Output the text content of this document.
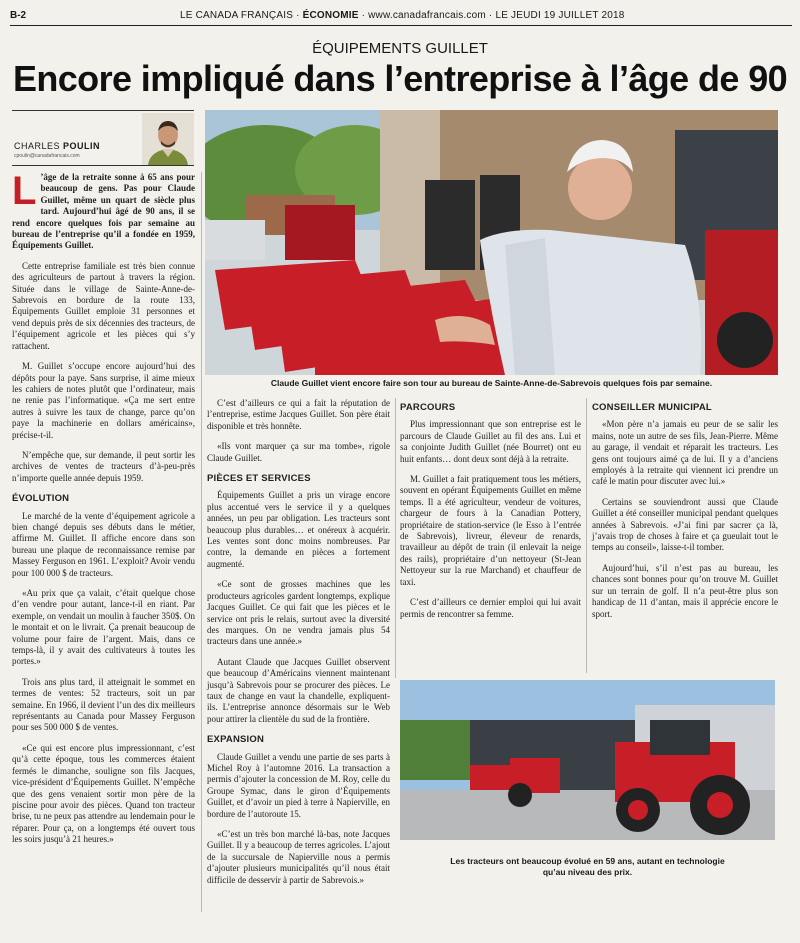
B-2	LE CANADA FRANÇAIS · ÉCONOMIE · www.canadafrancais.com · LE JEUDI 19 JUILLET 2018
ÉQUIPEMENTS GUILLET
Encore impliqué dans l’entreprise à l’âge de 90
CHARLES POULIN
cpoulin@canadafrancais.com
Claude Guillet vient encore faire son tour au bureau de Sainte-Anne-de-Sabrevois quelques fois par semaine.

L ’âge de la retraite sonne à 65 ans pour beaucoup de gens. Pas pour Claude Guillet, même un quart de siècle plus tard. Aujourd’hui âgé de 90 ans, il se rend encore quelques fois par semaine au bureau de l’entreprise qu’il a fondée en 1959, Équipements Guillet.

Cette entreprise familiale est très bien connue des agriculteurs de partout à travers la région. Située dans le village de Sainte-Anne-de-Sabrevois en bordure de la route 133, Équipements Guillet emploie 31 personnes et vend depuis près de six décennies des tracteurs, de l’équipement agricole et les pièces qui s’y rattachent.

M. Guillet s’occupe encore aujourd’hui des dépôts pour la paye. Sans surprise, il aime mieux les cahiers de notes plutôt que l’ordinateur, mais ne renie pas l’informatique. «Ça me sert entre autres à suivre les taux de change, parce qu’on paye la machinerie en dollars américains», précise-t-il.

N’empêche que, sur demande, il peut sortir les archives de ventes de tracteurs d’à-peu-près n’importe quelle année depuis 1959.

ÉVOLUTION

Le marché de la vente d’équipement agricole a bien changé depuis ses débuts dans le métier, affirme M. Guillet. Il affiche encore dans son bureau une plaque de reconnaissance remise par Massey Ferguson en 1961. L’exploit? Avoir vendu pour 100 000 $ de tracteurs.

«Au prix que ça valait, c’était quelque chose d’en vendre pour autant, lance-t-il en riant. Par exemple, on vendait un moulin à faucher 350$. On le montait et on le livrait. Ça prenait beaucoup de volume pour faire de l’argent. Mais, dans ce temps-là, il y avait des cultivateurs à toutes les portes.»

Trois ans plus tard, il atteignait le sommet en termes de ventes: 52 tracteurs, soit un par semaine. En 1966, il devient l’un des dix meilleurs représentants au Canada pour Massey Ferguson pour ses 500 000 $ de ventes.

«Ce qui est encore plus impressionnant, c’est qu’à cette époque, tous les commerces étaient fermés le dimanche, souligne son fils Jacques, vice-président d’Équipements Guillet. N’empêche que des gens venaient sortir mon père de la piscine pour avoir des pièces. Quand ton tracteur brise, tu ne peux pas attendre au lendemain pour le réparer. Pour ça, on a longtemps été ouvert tous les soirs jusqu’à 21 heures.»

C’est d’ailleurs ce qui a fait la réputation de l’entreprise, estime Jacques Guillet. Son père était disponible et très honnête.

«Ils vont marquer ça sur ma tombe», rigole Claude Guillet.

PIÈCES ET SERVICES

Équipements Guillet a pris un virage encore plus accentué vers le service il y a quelques années, un peu par obligation. Les tracteurs sont beaucoup plus durables… et onéreux à acquérir. Les ventes sont donc moins nombreuses. Par contre, la demande en pièces a fortement augmenté.

«Ce sont de grosses machines que les producteurs agricoles gardent longtemps, explique Jacques Guillet. Ce qui fait que les pièces et le service ont pris le relais, surtout avec la diversité des marques. On ne vendra jamais plus 54 tracteurs dans une année.»

Autant Claude que Jacques Guillet observent que beaucoup d’Américains viennent maintenant jusqu’à Sabrevois pour se procurer des pièces. Le taux de change en vaut la chandelle, expliquent-ils. L’entreprise annonce désormais sur le Web pour attirer la clientèle du sud de la frontière.

EXPANSION

Claude Guillet a vendu une partie de ses parts à Michel Roy à l’automne 2016. La transaction a permis d’ajouter la concession de M. Roy, celle du Groupe Symac, dans le giron d’Équipements Guillet, et d’avoir un pied à terre à Napierville, en bordure de l’autoroute 15.

«C’est un très bon marché là-bas, note Jacques Guillet. Il y a beaucoup de terres agricoles. L’ajout de la succursale de Napierville nous a permis d’ajouter plusieurs municipalités qu’il nous était difficile de desservir à partir de Sabrevois.»

PARCOURS

Plus impressionnant que son entreprise est le parcours de Claude Guillet au fil des ans. Lui et sa conjointe Judith Guillet (née Bourret) ont eu huit enfants… dont deux sont déjà à la retraite.

M. Guillet a fait pratiquement tous les métiers, souvent en opérant Équipements Guillet en même temps. Il a été agriculteur, vendeur de voitures, chargeur de fours à la Canadian Pottery, propriétaire de station-service (le Esso à l’entrée de Sabrevois), livreur, éleveur de renards, travailleur au dépôt de train (il enlevait la neige des rails), propriétaire d’un nettoyeur (St-Jean Nettoyeur sur la rue Marchand) et chauffeur de taxi.

C’est d’ailleurs ce dernier emploi qui lui avait permis de rencontrer sa femme.

CONSEILLER MUNICIPAL

«Mon père n’a jamais eu peur de se salir les mains, note un autre de ses fils, Jean-Pierre. Même au garage, il vendait et réparait les tracteurs. Les gens ont toujours aimé ça de lui. Il y a d’anciens employés à la retraite qui viennent ici prendre un café le matin pour discuter avec lui.»

Certains se souviendront aussi que Claude Guillet a été conseiller municipal pendant quelques années à Sabrevois. «J’ai fini par sacrer ça là, j’avais trop de choses à faire et ça gueulait tout le temps au conseil», laisse-t-il tomber.

Aujourd’hui, s’il n’est pas au bureau, les chances sont bonnes pour qu’on trouve M. Guillet sur un terrain de golf. Il n’a peut-être plus son handicap de 11 d’antan, mais il apprécie encore le sport.

Les tracteurs ont beaucoup évolué en 59 ans, autant en technologie
qu’au niveau des prix.
